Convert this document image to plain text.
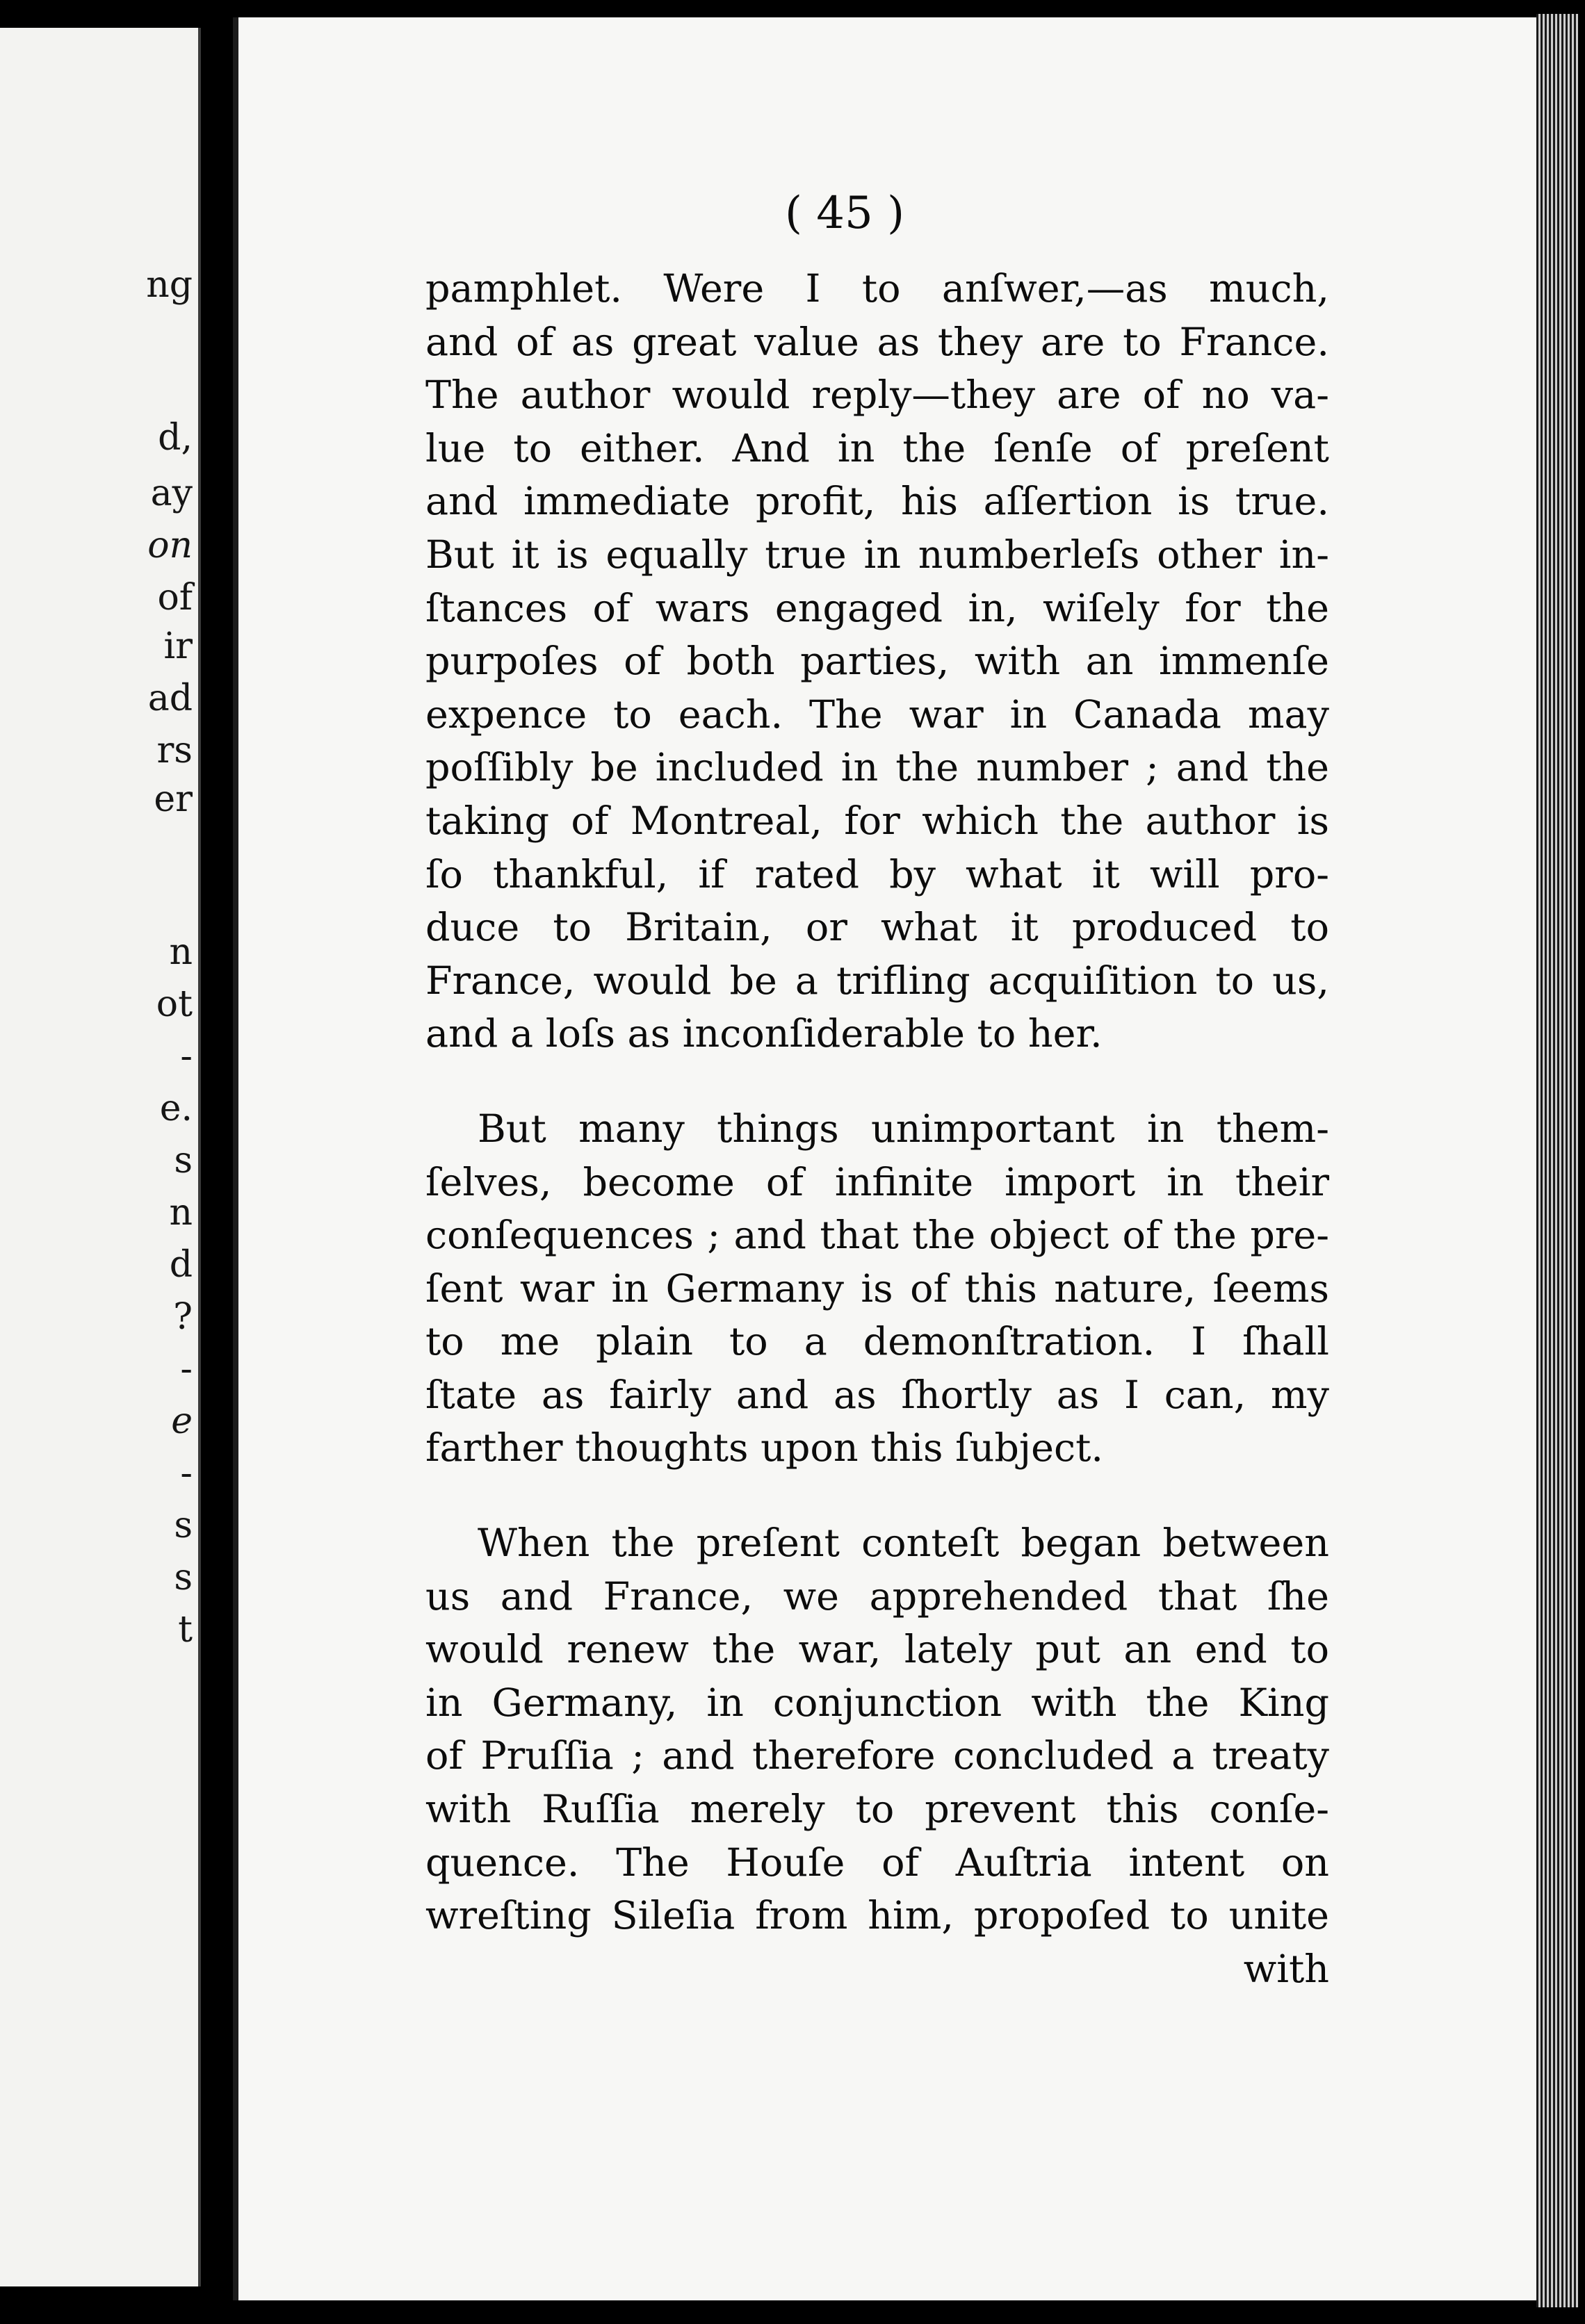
ng
d,
ay
on
of
ir
ad
rs
er
n
ot
-
e.
s
n
d
?
-
e
-
s
s
t
( 45 )
pamphlet. Were I to anſwer,—as much,
and of as great value as they are to France.
The author would reply—they are of no va-
lue to either. And in the ſenſe of preſent
and immediate profit, his aſſertion is true.
But it is equally true in numberleſs other in-
ſtances of wars engaged in, wiſely for the
purpoſes of both parties, with an immenſe
expence to each. The war in Canada may
poſſibly be included in the number ; and the
taking of Montreal, for which the author is
ſo thankful, if rated by what it will pro-
duce to Britain, or what it produced to
France, would be a trifling acquiſition to us,
and a loſs as inconſiderable to her.
But many things unimportant in them-
ſelves, become of infinite import in their
conſequences ; and that the object of the pre-
ſent war in Germany is of this nature, ſeems
to me plain to a demonſtration. I ſhall
ſtate as fairly and as ſhortly as I can, my
farther thoughts upon this ſubject.
When the preſent conteſt began between
us and France, we apprehended that ſhe
would renew the war, lately put an end to
in Germany, in conjunction with the King
of Pruſſia ; and therefore concluded a treaty
with Ruſſia merely to prevent this conſe-
quence. The Houſe of Auſtria intent on
wreſting Sileſia from him, propoſed to unite
with
